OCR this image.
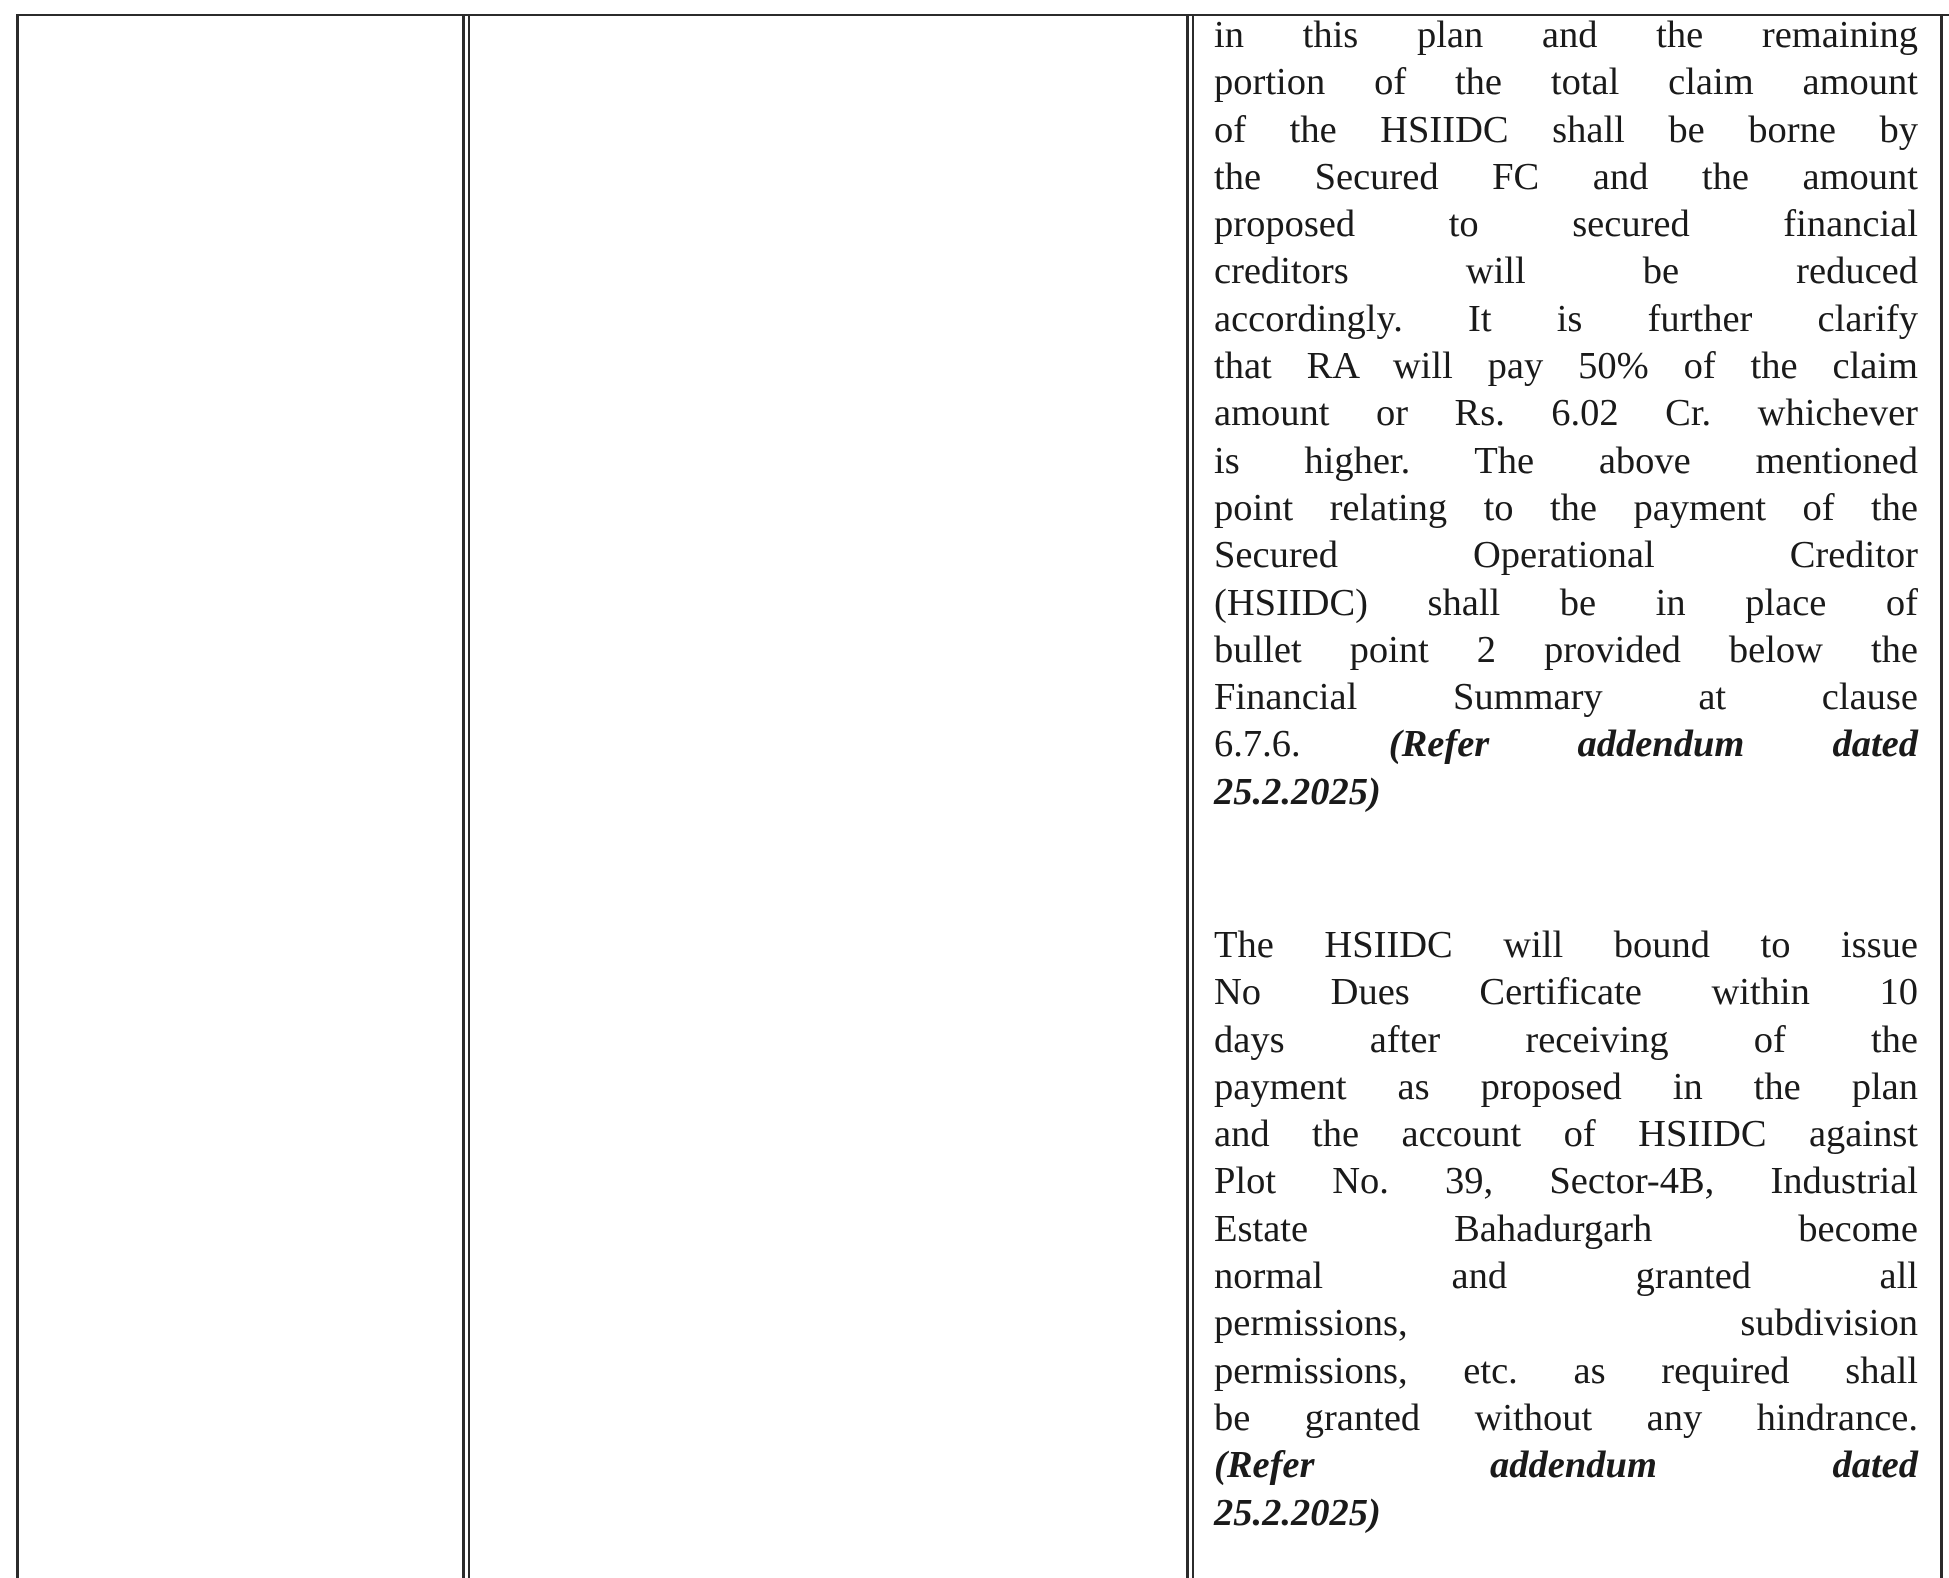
in this plan and the remaining
portion of the total claim amount
of the HSIIDC shall be borne by
the Secured FC and the amount
proposed to secured financial
creditors will be reduced
accordingly. It is further clarify
that RA will pay 50% of the claim
amount or Rs. 6.02 Cr. whichever
is higher. The above mentioned
point relating to the payment of the
Secured Operational Creditor
(HSIIDC) shall be in place of
bullet point 2 provided below the
Financial Summary at clause
6.7.6. (Refer addendum dated
25.2.2025)
The HSIIDC will bound to issue
No Dues Certificate within 10
days after receiving of the
payment as proposed in the plan
and the account of HSIIDC against
Plot No. 39, Sector-4B, Industrial
Estate Bahadurgarh become
normal and granted all
permissions, subdivision
permissions, etc. as required shall
be granted without any hindrance.
(Refer addendum dated
25.2.2025)
